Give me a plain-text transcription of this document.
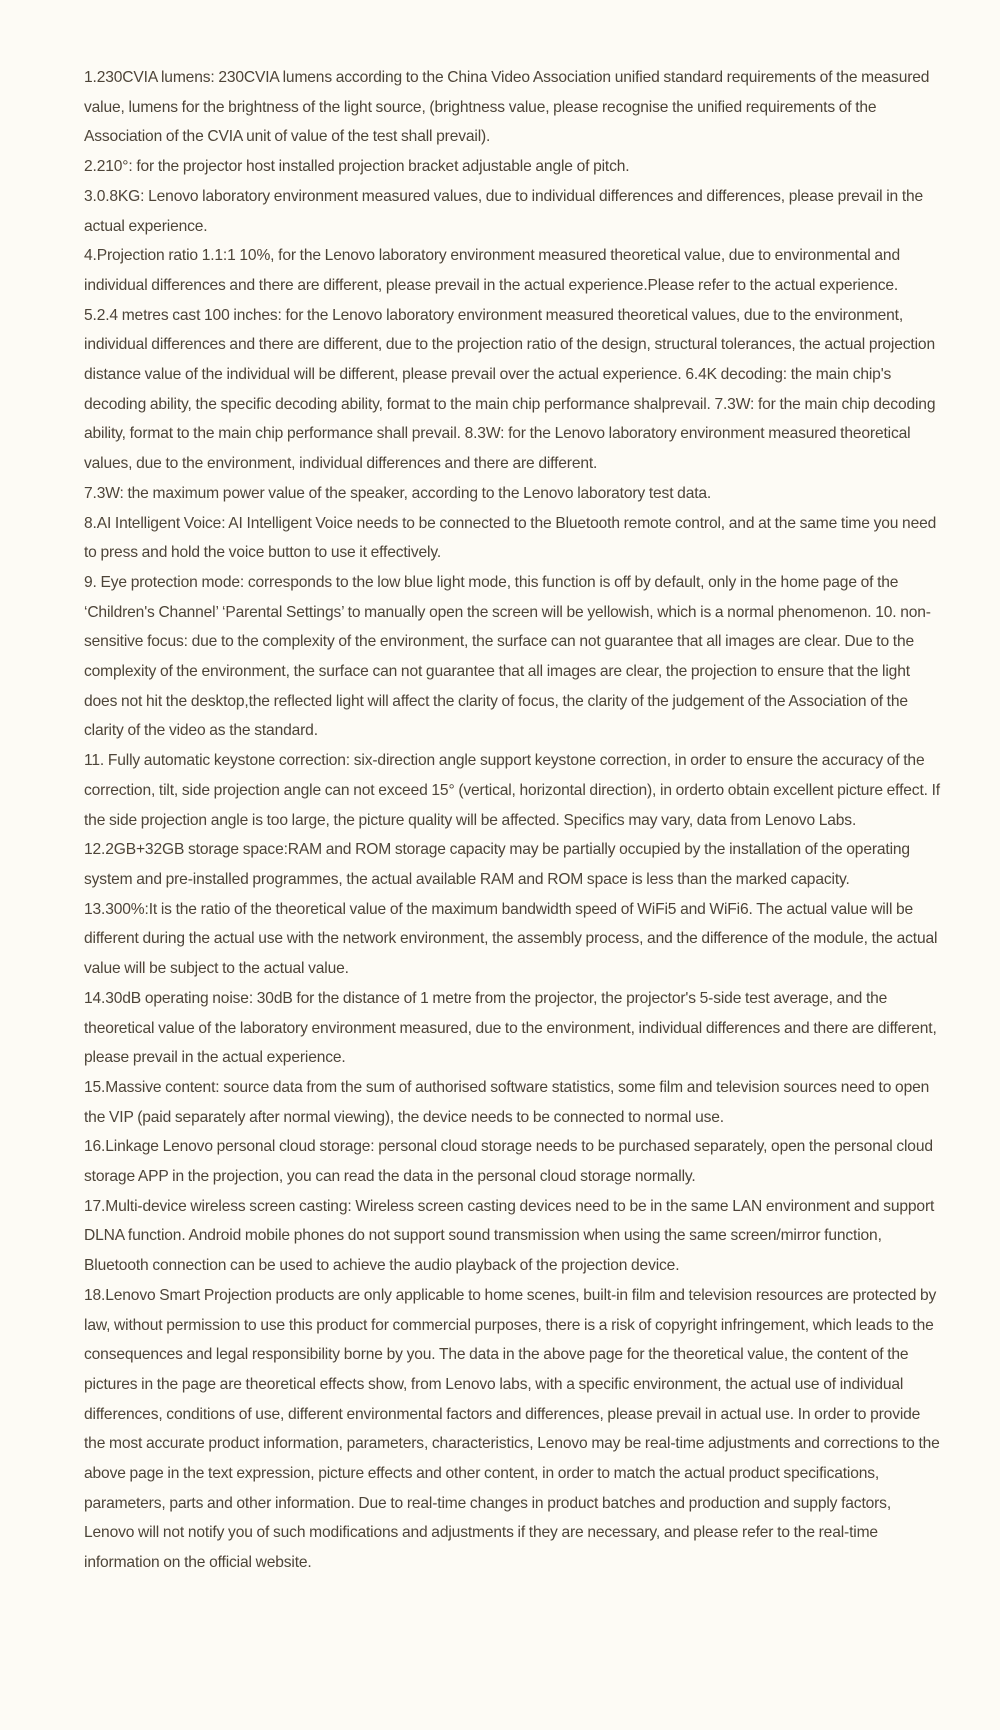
1.230CVIA lumens: 230CVIA lumens according to the China Video Association unified standard requirements of the measured value, lumens for the brightness of the light source, (brightness value, please recognise the unified requirements of the Association of the CVIA unit of value of the test shall prevail).

2.210°: for the projector host installed projection bracket adjustable angle of pitch.

3.0.8KG: Lenovo laboratory environment measured values, due to individual differences and differences, please prevail in the actual experience.

4.Projection ratio 1.1:1 10%, for the Lenovo laboratory environment measured theoretical value, due to environmental and individual differences and there are different, please prevail in the actual experience.Please refer to the actual experience.

5.2.4 metres cast 100 inches: for the Lenovo laboratory environment measured theoretical values, due to the environment, individual differences and there are different, due to the projection ratio of the design, structural tolerances, the actual projection distance value of the individual will be different, please prevail over the actual experience. 6.4K decoding: the main chip's decoding ability, the specific decoding ability, format to the main chip performance shalprevail. 7.3W: for the main chip decoding ability, format to the main chip performance shall prevail. 8.3W: for the Lenovo laboratory environment measured theoretical values, due to the environment, individual differences and there are different.

7.3W: the maximum power value of the speaker, according to the Lenovo laboratory test data.

8.AI Intelligent Voice: AI Intelligent Voice needs to be connected to the Bluetooth remote control, and at the same time you need to press and hold the voice button to use it effectively.

9. Eye protection mode: corresponds to the low blue light mode, this function is off by default, only in the home page of the ‘Children's Channel’ ‘Parental Settings’ to manually open the screen will be yellowish, which is a normal phenomenon. 10. non-sensitive focus: due to the complexity of the environment, the surface can not guarantee that all images are clear. Due to the complexity of the environment, the surface can not guarantee that all images are clear, the projection to ensure that the light does not hit the desktop,the reflected light will affect the clarity of focus, the clarity of the judgement of the Association of the clarity of the video as the standard.

11. Fully automatic keystone correction: six-direction angle support keystone correction, in order to ensure the accuracy of the correction, tilt, side projection angle can not exceed 15° (vertical, horizontal direction), in orderto obtain excellent picture effect. If the side projection angle is too large, the picture quality will be affected. Specifics may vary, data from Lenovo Labs.

12.2GB+32GB storage space:RAM and ROM storage capacity may be partially occupied by the installation of the operating system and pre-installed programmes, the actual available RAM and ROM space is less than the marked capacity.

13.300%:It is the ratio of the theoretical value of the maximum bandwidth speed of WiFi5 and WiFi6. The actual value will be different during the actual use with the network environment, the assembly process, and the difference of the module, the actual value will be subject to the actual value.

14.30dB operating noise: 30dB for the distance of 1 metre from the projector, the projector's 5-side test average, and the theoretical value of the laboratory environment measured, due to the environment, individual differences and there are different, please prevail in the actual experience.

15.Massive content: source data from the sum of authorised software statistics, some film and television sources need to open the VIP (paid separately after normal viewing), the device needs to be connected to normal use.

16.Linkage Lenovo personal cloud storage: personal cloud storage needs to be purchased separately, open the personal cloud storage APP in the projection, you can read the data in the personal cloud storage normally.

17.Multi-device wireless screen casting: Wireless screen casting devices need to be in the same LAN environment and support DLNA function. Android mobile phones do not support sound transmission when using the same screen/mirror function, Bluetooth connection can be used to achieve the audio playback of the projection device.

18.Lenovo Smart Projection products are only applicable to home scenes, built-in film and television resources are protected by law, without permission to use this product for commercial purposes, there is a risk of copyright infringement, which leads to the consequences and legal responsibility borne by you. The data in the above page for the theoretical value, the content of the pictures in the page are theoretical effects show, from Lenovo labs, with a specific environment, the actual use of individual differences, conditions of use, different environmental factors and differences, please prevail in actual use. In order to provide the most accurate product information, parameters, characteristics, Lenovo may be real-time adjustments and corrections to the above page in the text expression, picture effects and other content, in order to match the actual product specifications, parameters, parts and other information. Due to real-time changes in product batches and production and supply factors, Lenovo will not notify you of such modifications and adjustments if they are necessary, and please refer to the real-time information on the official website.
